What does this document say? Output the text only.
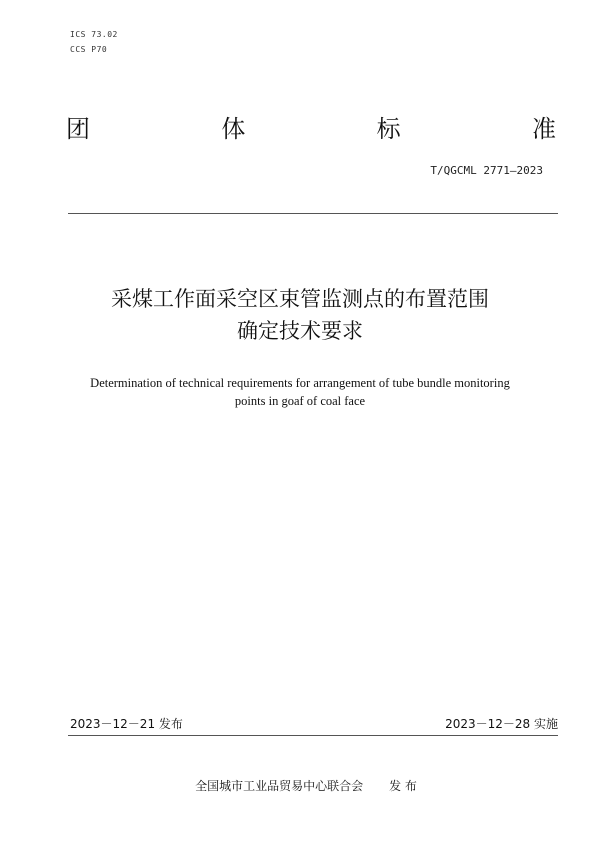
ICS 73.02
CCS P70
团	体	标	准
T/QGCML 2771—2023
采煤工作面采空区束管监测点的布置范围
确定技术要求
Determination of technical requirements for arrangement of tube bundle monitoring
points in goaf of coal face
2023－12－21 发布	2023－12－28 实施
全国城市工业品贸易中心联合会 发 布
